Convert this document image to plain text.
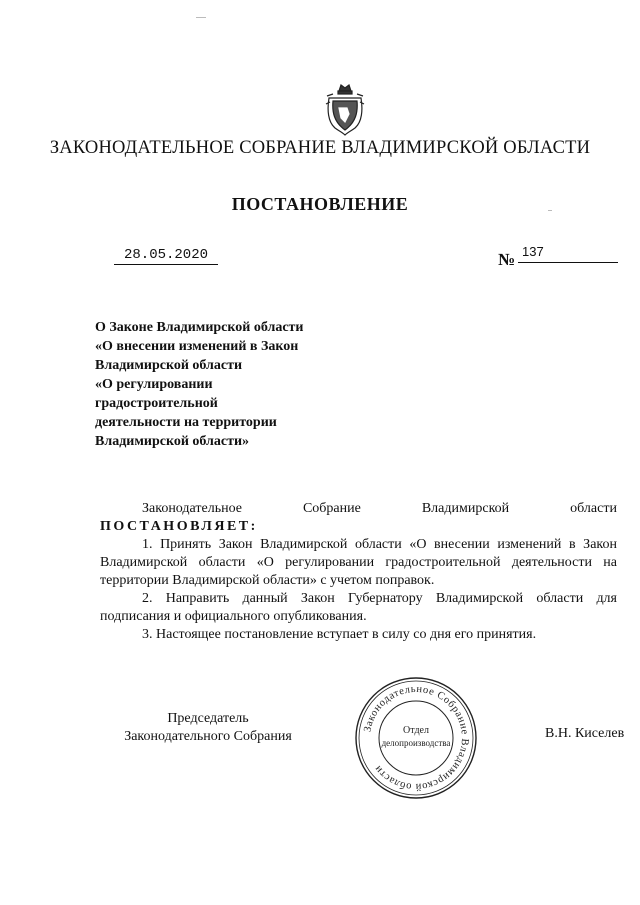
ЗАКОНОДАТЕЛЬНОЕ СОБРАНИЕ ВЛАДИМИРСКОЙ ОБЛАСТИ
ПОСТАНОВЛЕНИЕ
28.05.2020	№ 137
О Законе Владимирской области
«О внесении изменений в Закон
Владимирской области
«О регулировании
градостроительной
деятельности на территории
Владимирской области»
Законодательное	Собрание	Владимирской	области
ПОСТАНОВЛЯЕТ:
1. Принять Закон Владимирской области «О внесении изменений в Закон Владимирской области «О регулировании градостроительной деятельности на территории Владимирской области» с учетом поправок.
2. Направить данный Закон Губернатору Владимирской области для подписания и официального опубликования.
3. Настоящее постановление вступает в силу со дня его принятия.
Председатель
Законодательного Собрания
Законодательное Собрание Владимирской области
Отдел
делопроизводства
В.Н. Киселев
